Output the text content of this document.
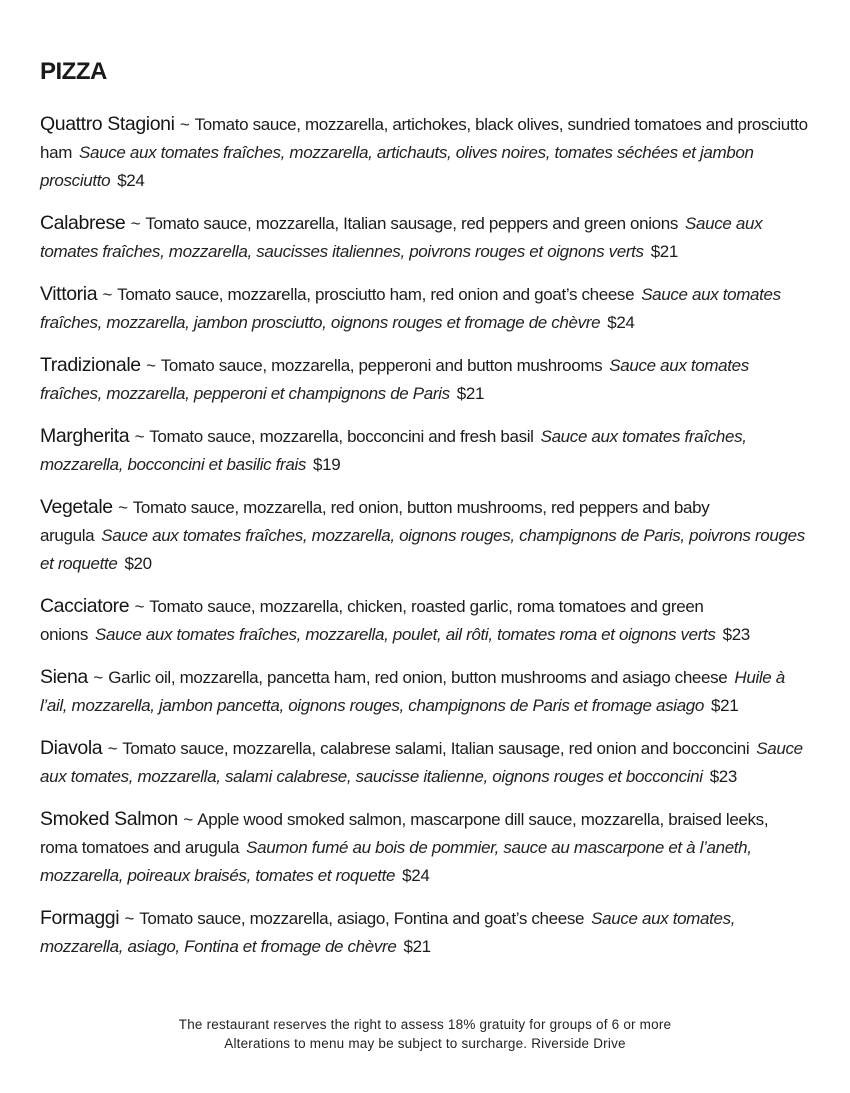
PIZZA

Quattro Stagioni ~ Tomato sauce, mozzarella, artichokes, black olives, sundried tomatoes and prosciutto ham Sauce aux tomates fraîches, mozzarella, artichauts, olives noires, tomates séchées et jambon prosciutto $24

Calabrese ~ Tomato sauce, mozzarella, Italian sausage, red peppers and green onions Sauce aux tomates fraîches, mozzarella, saucisses italiennes, poivrons rouges et oignons verts $21

Vittoria ~ Tomato sauce, mozzarella, prosciutto ham, red onion and goat’s cheese Sauce aux tomates fraîches, mozzarella, jambon prosciutto, oignons rouges et fromage de chèvre $24

Tradizionale ~ Tomato sauce, mozzarella, pepperoni and button mushrooms Sauce aux tomates fraîches, mozzarella, pepperoni et champignons de Paris $21

Margherita ~ Tomato sauce, mozzarella, bocconcini and fresh basil Sauce aux tomates fraîches, mozzarella, bocconcini et basilic frais $19

Vegetale ~ Tomato sauce, mozzarella, red onion, button mushrooms, red peppers and baby arugula Sauce aux tomates fraîches, mozzarella, oignons rouges, champignons de Paris, poivrons rouges et roquette $20

Cacciatore ~ Tomato sauce, mozzarella, chicken, roasted garlic, roma tomatoes and green onions Sauce aux tomates fraîches, mozzarella, poulet, ail rôti, tomates roma et oignons verts $23

Siena ~ Garlic oil, mozzarella, pancetta ham, red onion, button mushrooms and asiago cheese Huile à l’ail, mozzarella, jambon pancetta, oignons rouges, champignons de Paris et fromage asiago $21

Diavola ~ Tomato sauce, mozzarella, calabrese salami, Italian sausage, red onion and bocconcini Sauce aux tomates, mozzarella, salami calabrese, saucisse italienne, oignons rouges et bocconcini $23

Smoked Salmon ~ Apple wood smoked salmon, mascarpone dill sauce, mozzarella, braised leeks, roma tomatoes and arugula Saumon fumé au bois de pommier, sauce au mascarpone et à l’aneth, mozzarella, poireaux braisés, tomates et roquette $24

Formaggi ~ Tomato sauce, mozzarella, asiago, Fontina and goat’s cheese Sauce aux tomates, mozzarella, asiago, Fontina et fromage de chèvre $21

The restaurant reserves the right to assess 18% gratuity for groups of 6 or more

Alterations to menu may be subject to surcharge. Riverside Drive
